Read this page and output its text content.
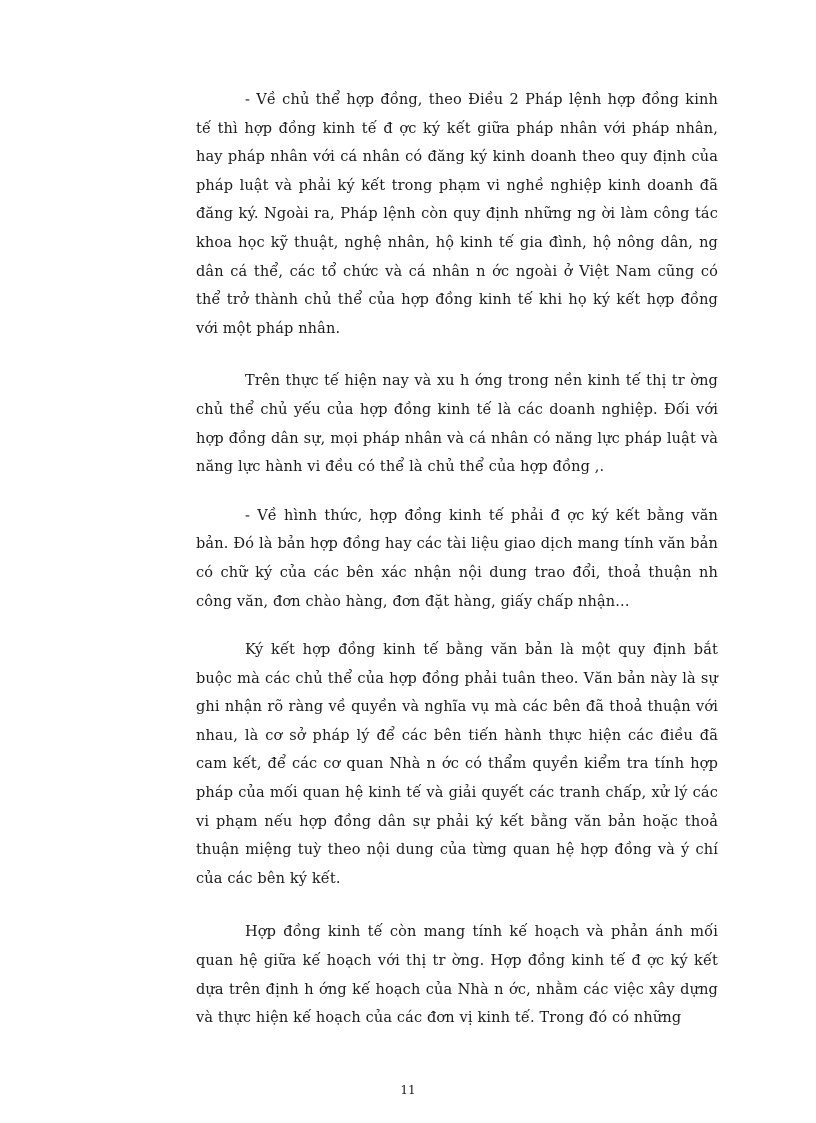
- Về chủ thể hợp đồng, theo Điều 2 Pháp lệnh hợp đồng kinh tế thì hợp đồng kinh tế đ ợc ký kết giữa pháp nhân với pháp nhân, hay pháp nhân với cá nhân có đăng ký kinh doanh theo quy định của pháp luật và phải ký kết trong phạm vi nghề nghiệp kinh doanh đã đăng ký. Ngoài ra, Pháp lệnh còn quy định những ng ời làm công tác khoa học kỹ thuật, nghệ nhân, hộ kinh tế gia đình, hộ nông dân, ng dân cá thể, các tổ chức và cá nhân n ớc ngoài ở Việt Nam cũng có thể trở thành chủ thể của hợp đồng kinh tế khi họ ký kết hợp đồng với một pháp nhân.

Trên thực tế hiện nay và xu h ớng trong nền kinh tế thị tr ờng chủ thể chủ yếu của hợp đồng kinh tế là các doanh nghiệp. Đối với hợp đồng dân sự, mọi pháp nhân và cá nhân có năng lực pháp luật và năng lực hành vi đều có thể là chủ thể của hợp đồng ,.

- Về hình thức, hợp đồng kinh tế phải đ ợc ký kết bằng văn bản. Đó là bản hợp đồng hay các tài liệu giao dịch mang tính văn bản có chữ ký của các bên xác nhận nội dung trao đổi, thoả thuận nh công văn, đơn chào hàng, đơn đặt hàng, giấy chấp nhận...

Ký kết hợp đồng kinh tế bằng văn bản là một quy định bắt buộc mà các chủ thể của hợp đồng phải tuân theo. Văn bản này là sự ghi nhận rõ ràng về quyền và nghĩa vụ mà các bên đã thoả thuận với nhau, là cơ sở pháp lý để các bên tiến hành thực hiện các điều đã cam kết, để các cơ quan Nhà n ớc có thẩm quyền kiểm tra tính hợp pháp của mối quan hệ kinh tế và giải quyết các tranh chấp, xử lý các vi phạm nếu hợp đồng dân sự phải ký kết bằng văn bản hoặc thoả thuận miệng tuỳ theo nội dung của từng quan hệ hợp đồng và ý chí của các bên ký kết.

Hợp đồng kinh tế còn mang tính kế hoạch và phản ánh mối quan hệ giữa kế hoạch với thị tr ờng. Hợp đồng kinh tế đ ợc ký kết dựa trên định h ớng kế hoạch của Nhà n ớc, nhằm các việc xây dựng và thực hiện kế hoạch của các đơn vị kinh tế. Trong đó có những

11
